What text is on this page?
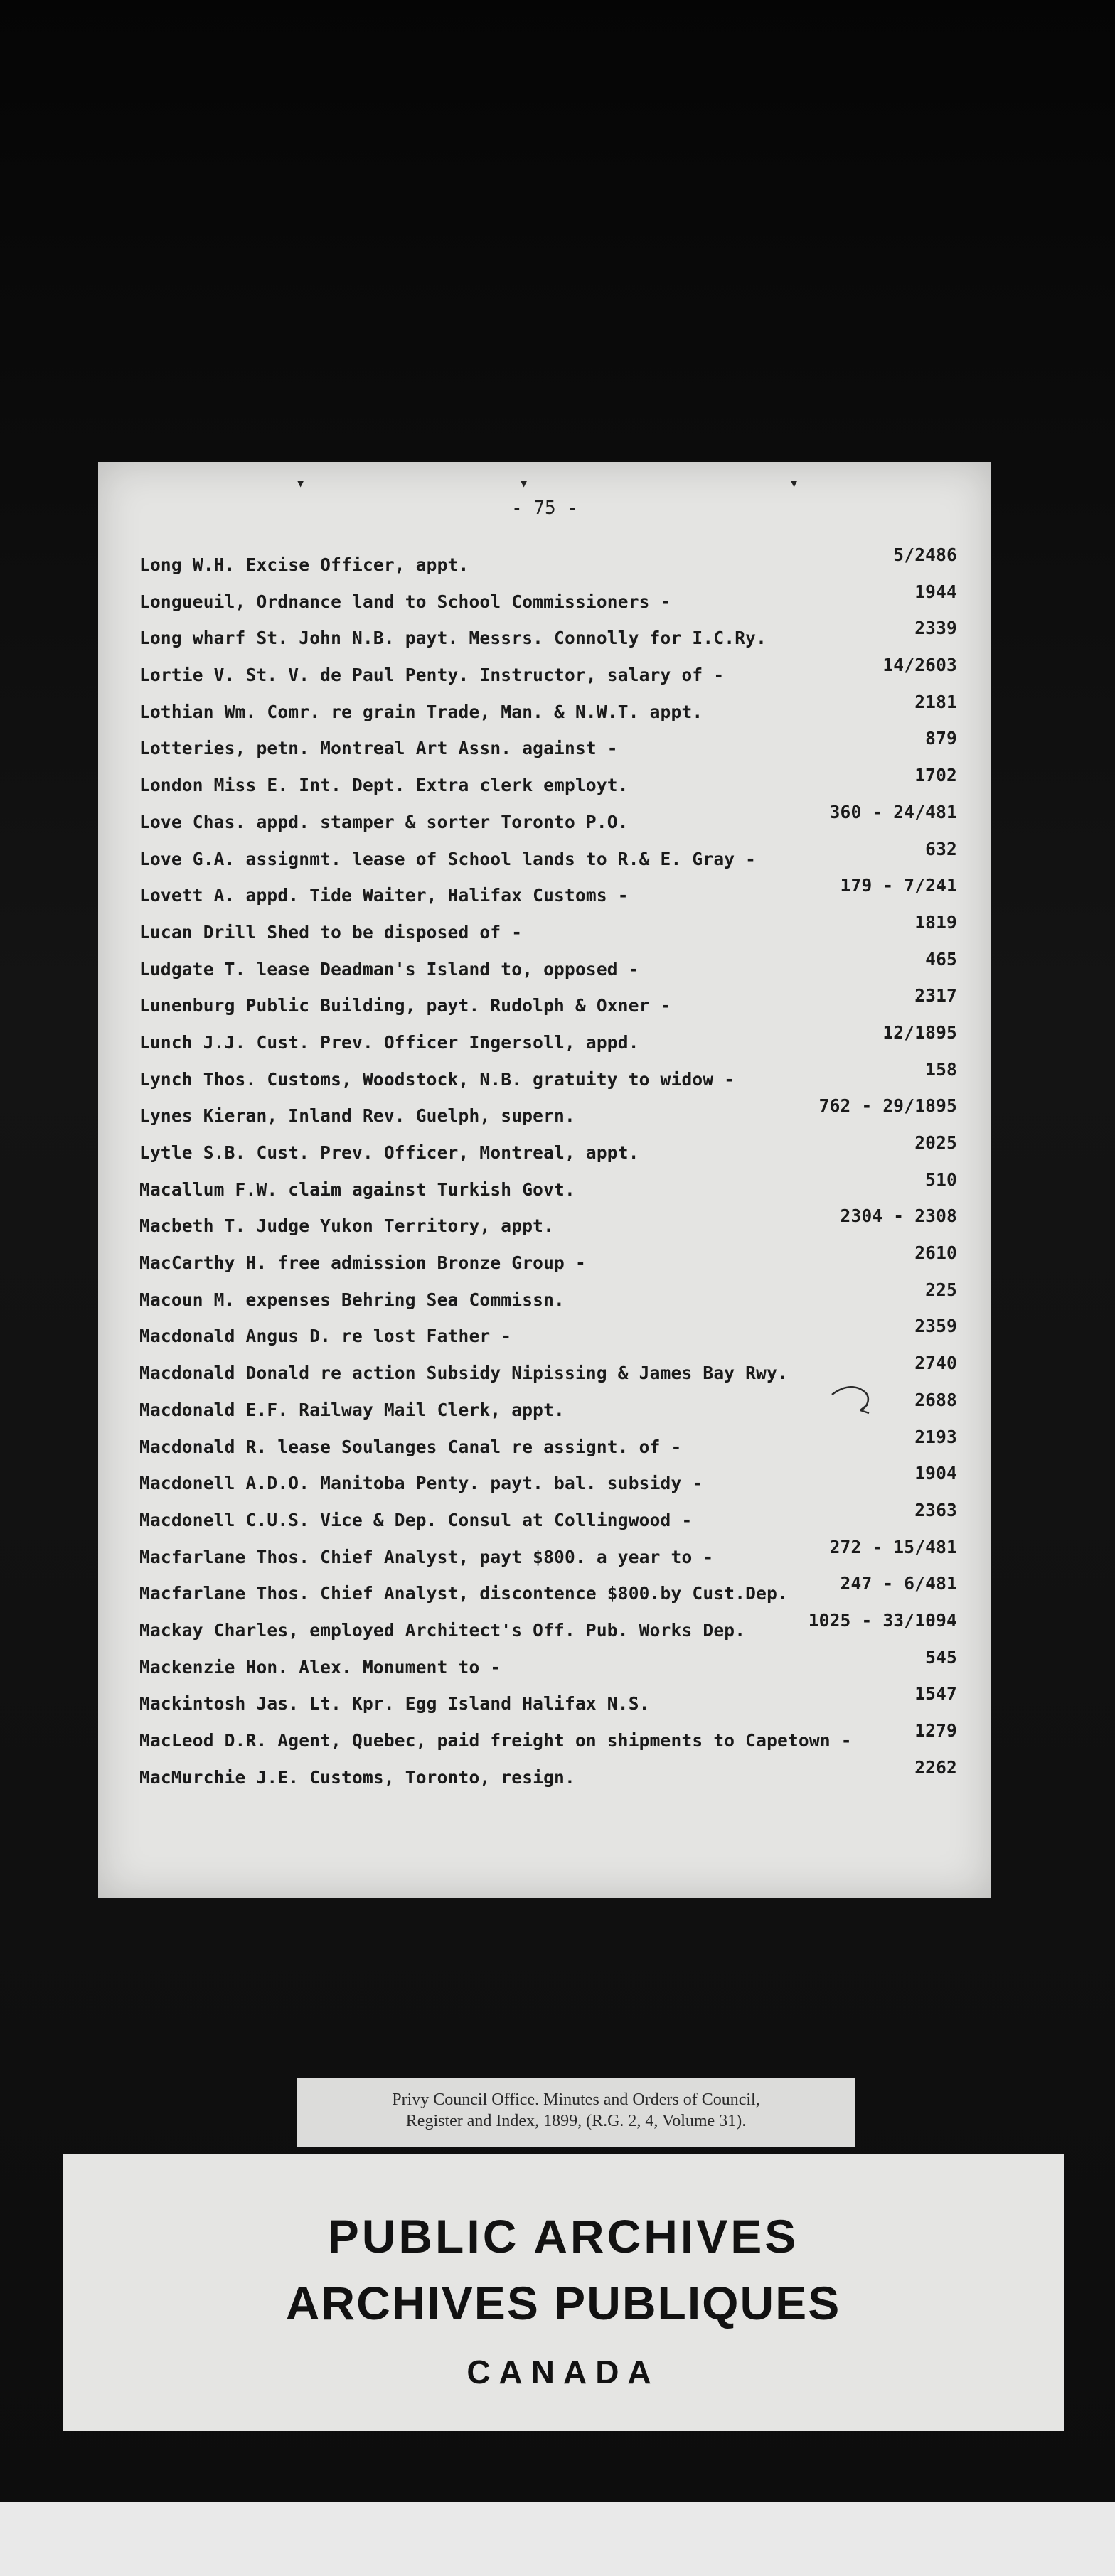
▾	▾	▾
- 75 -
Long W.H. Excise Officer, appt.	5/2486
Longueuil, Ordnance land to School Commissioners -	1944
Long wharf St. John N.B. payt. Messrs. Connolly for I.C.Ry.	2339
Lortie V. St. V. de Paul Penty. Instructor, salary of -	14/2603
Lothian Wm. Comr. re grain Trade, Man. & N.W.T. appt.	2181
Lotteries, petn. Montreal Art Assn. against -	879
London Miss E. Int. Dept. Extra clerk employt.	1702
Love Chas. appd. stamper & sorter Toronto P.O.	360 - 24/481
Love G.A. assignmt. lease of School lands to R.& E. Gray -	632
Lovett A. appd. Tide Waiter, Halifax Customs -	179 - 7/241
Lucan Drill Shed to be disposed of -	1819
Ludgate T. lease Deadman's Island to, opposed -	465
Lunenburg Public Building, payt. Rudolph & Oxner -	2317
Lunch J.J. Cust. Prev. Officer Ingersoll, appd.	12/1895
Lynch Thos. Customs, Woodstock, N.B. gratuity to widow -	158
Lynes Kieran, Inland Rev. Guelph, supern.	762 - 29/1895
Lytle S.B. Cust. Prev. Officer, Montreal, appt.	2025
Macallum F.W. claim against Turkish Govt.	510
Macbeth T. Judge Yukon Territory, appt.	2304 - 2308
MacCarthy H. free admission Bronze Group -	2610
Macoun M. expenses Behring Sea Commissn.	225
Macdonald Angus D. re lost Father -	2359
Macdonald Donald re action Subsidy Nipissing & James Bay Rwy.	2740
Macdonald E.F. Railway Mail Clerk, appt.	2688
Macdonald R. lease Soulanges Canal re assignt. of -	2193
Macdonell A.D.O. Manitoba Penty. payt. bal. subsidy -	1904
Macdonell C.U.S. Vice & Dep. Consul at Collingwood -	2363
Macfarlane Thos. Chief Analyst, payt $800. a year to -	272 - 15/481
Macfarlane Thos. Chief Analyst, discontence $800.by Cust.Dep.	247 - 6/481
Mackay Charles, employed Architect's Off. Pub. Works Dep.	1025 - 33/1094
Mackenzie Hon. Alex. Monument to -	545
Mackintosh Jas. Lt. Kpr. Egg Island Halifax N.S.	1547
MacLeod D.R. Agent, Quebec, paid freight on shipments to Capetown -	1279
MacMurchie J.E. Customs, Toronto, resign.	2262
Privy Council Office. Minutes and Orders of Council,
Register and Index, 1899, (R.G. 2, 4, Volume 31).
PUBLIC ARCHIVES
ARCHIVES PUBLIQUES
CANADA
